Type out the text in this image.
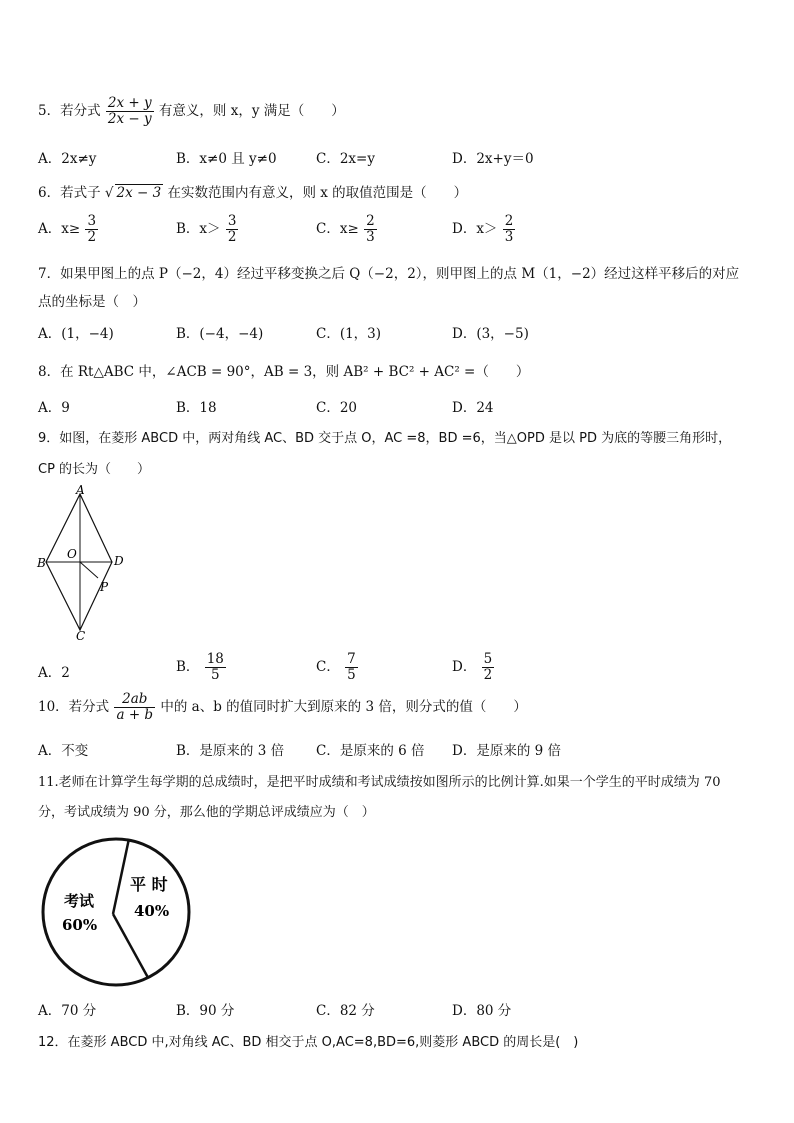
5．若分式 $\frac{2x + y}{2x - y}$ 有意义，则 x，y 满足（　　）
A．2x≠y	B．x≠0 且 y≠0	C．2x=y	D．2x+y＝0
6．若式子 √ 2x − 3 在实数范围内有意义，则 x 的取值范围是（　　）
A．$x\ge \frac{3}{2}$	B．$x> \frac{3}{2}$	C．$x\ge \frac{2}{3}$	D．$x> \frac{2}{3}$
7．如果甲图上的点 P（−2，4）经过平移变换之后 Q（−2，2），则甲图上的点 M（1，−2）经过这样平移后的对应
点的坐标是（　）
A．(1，−4)	B．(−4，−4)	C．(1，3)	D．(3，−5)
8．在 Rt△ABC 中，∠ACB = 90°，AB = 3，则 AB² + BC² + AC² =（　　）
A．9	B．18	C．20	D．24
9．如图，在菱形 ABCD 中，两对角线 AC、BD 交于点 O，AC =8，BD =6，当△OPD 是以 PD 为底的等腰三角形时，
CP 的长为（　　）
A
B
C
D
O
P
A．2	B． $\frac{18}{5}$	C． $\frac{7}{5}$	D． $\frac{5}{2}$
10．若分式 $\frac{2ab}{a + b}$ 中的 a、b 的值同时扩大到原来的 3 倍，则分式的值（　　）
A．不变	B．是原来的 3 倍 C．是原来的 6 倍 D．是原来的 9 倍
11.老师在计算学生每学期的总成绩时，是把平时成绩和考试成绩按如图所示的比例计算.如果一个学生的平时成绩为 70
分，考试成绩为 90 分，那么他的学期总评成绩应为（　）
考试
60%
平 时
40%
A．70 分	B．90 分	C．82 分	D．80 分
12．在菱形 ABCD 中,对角线 AC、BD 相交于点 O,AC=8,BD=6,则菱形 ABCD 的周长是(　)
